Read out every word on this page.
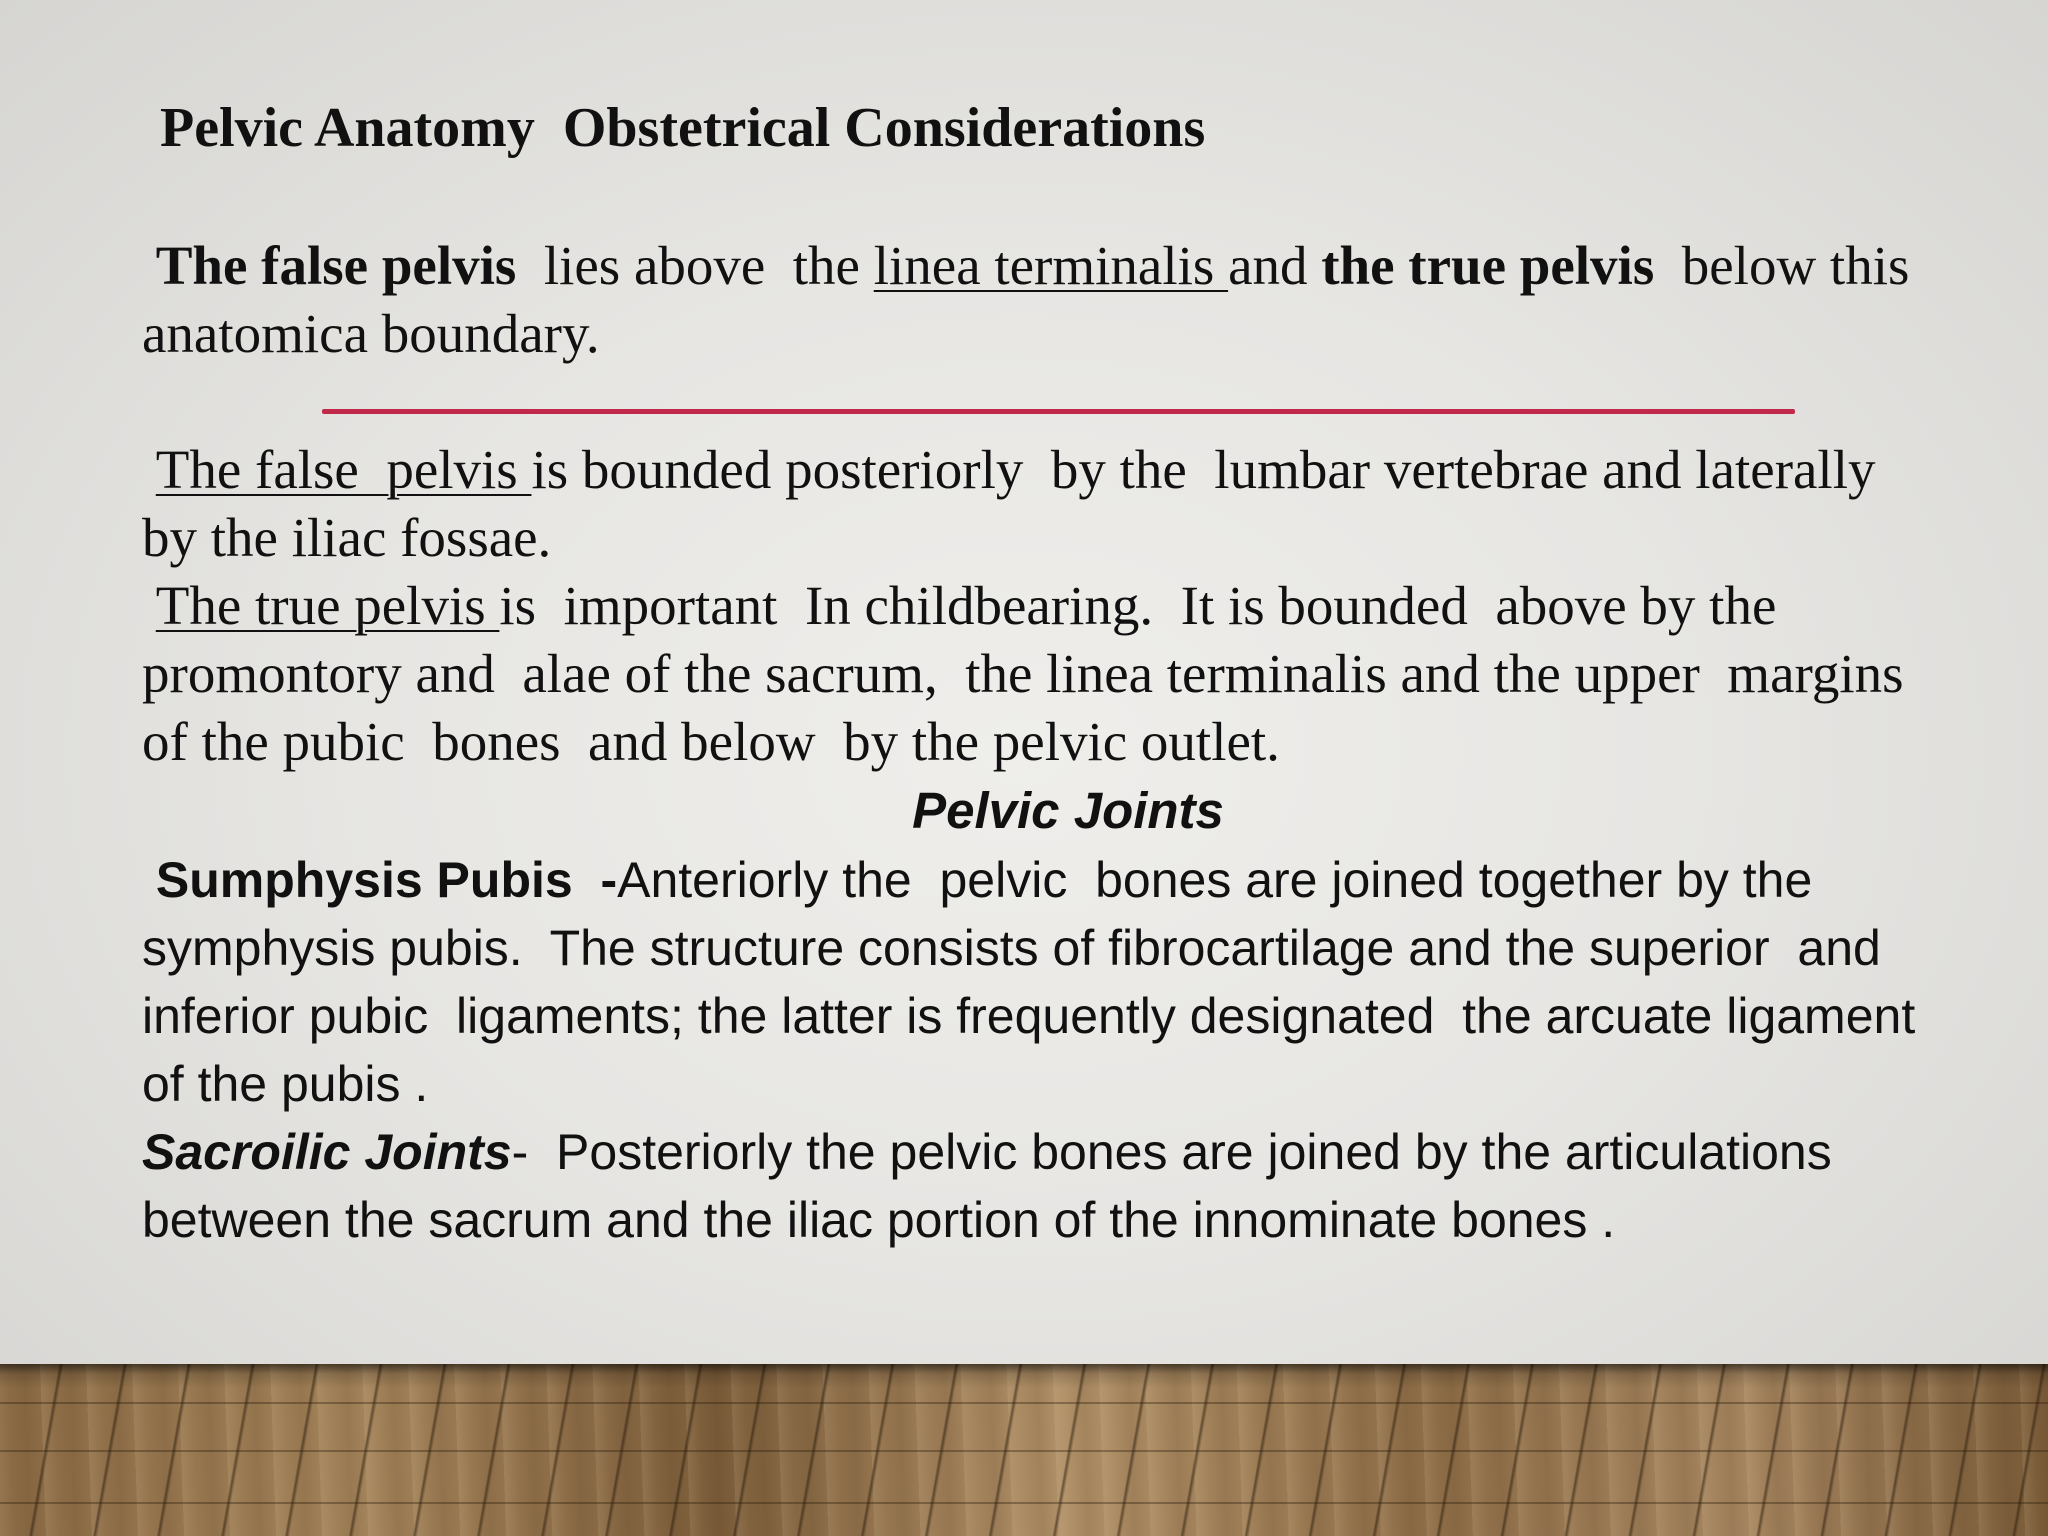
Pelvic Anatomy  Obstetrical Considerations

The false pelvis  lies above  the linea terminalis and the true pelvis  below this  anatomica boundary.

The false  pelvis is bounded posteriorly  by the  lumbar vertebrae and laterally by the iliac fossae.

The true pelvis is  important  In childbearing.  It is bounded  above by the  promontory and  alae of the sacrum,  the linea terminalis and the upper  margins of the pubic  bones  and below  by the pelvic outlet.

Pelvic Joints

Sumphysis Pubis  -Anteriorly the  pelvic  bones are joined together by the symphysis pubis.  The structure consists of fibrocartilage and the superior  and inferior pubic  ligaments; the latter is frequently designated  the arcuate ligament of the pubis .

Sacroilic Joints-  Posteriorly the pelvic bones are joined by the articulations between the sacrum and the iliac portion of the innominate bones .
